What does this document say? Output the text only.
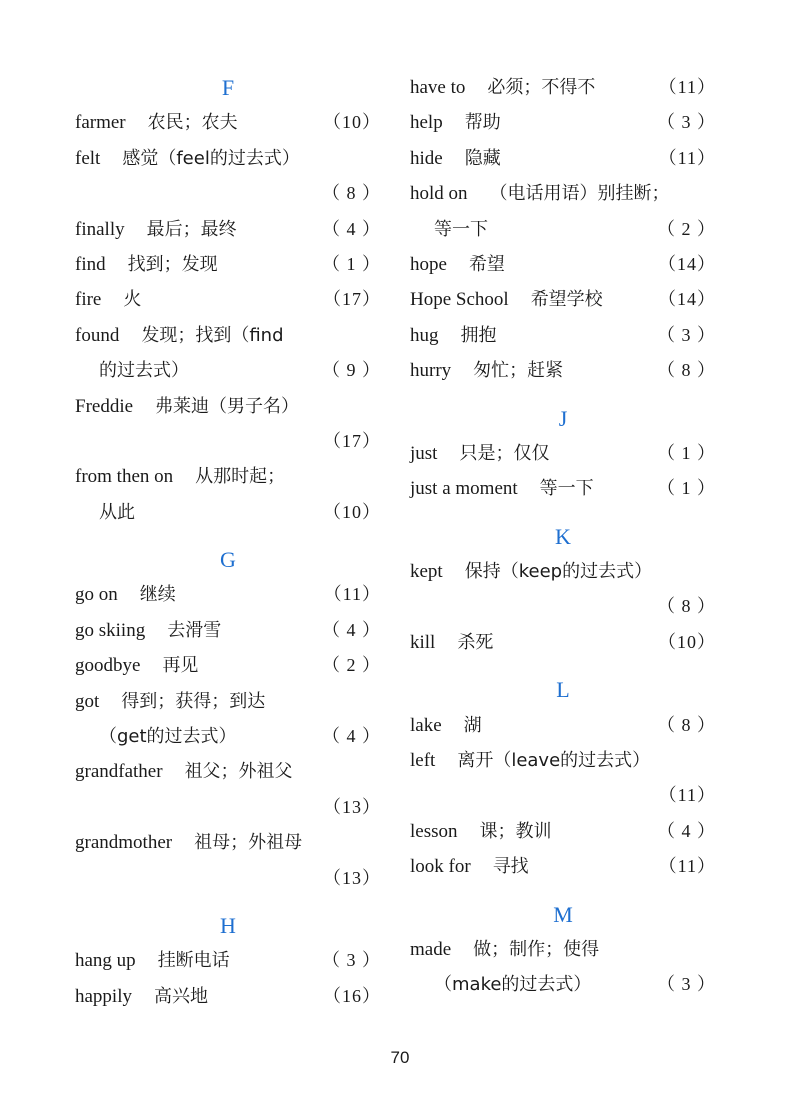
F
farmer 农民；农夫	（10）
felt 感觉（feel的过去式）
（ 8 ）
finally 最后；最终	（ 4 ）
find 找到；发现	（ 1 ）
fire 火	（17）
found 发现；找到（find
的过去式）	（ 9 ）
Freddie 弗莱迪（男子名）
（17）
from then on 从那时起；
从此	（10）
G
go on 继续	（11）
go skiing 去滑雪	（ 4 ）
goodbye 再见	（ 2 ）
got 得到；获得；到达
（get的过去式）	（ 4 ）
grandfather 祖父；外祖父
（13）
grandmother 祖母；外祖母
（13）
H
hang up 挂断电话	（ 3 ）
happily 高兴地	（16）
have to 必须；不得不	（11）
help 帮助	（ 3 ）
hide 隐藏	（11）
hold on （电话用语）别挂断；
等一下	（ 2 ）
hope 希望	（14）
Hope School 希望学校	（14）
hug 拥抱	（ 3 ）
hurry 匆忙；赶紧	（ 8 ）
J
just 只是；仅仅	（ 1 ）
just a moment 等一下	（ 1 ）
K
kept 保持（keep的过去式）
（ 8 ）
kill 杀死	（10）
L
lake 湖	（ 8 ）
left 离开（leave的过去式）
（11）
lesson 课；教训	（ 4 ）
look for 寻找	（11）
M
made 做；制作；使得
（make的过去式）	（ 3 ）
70
